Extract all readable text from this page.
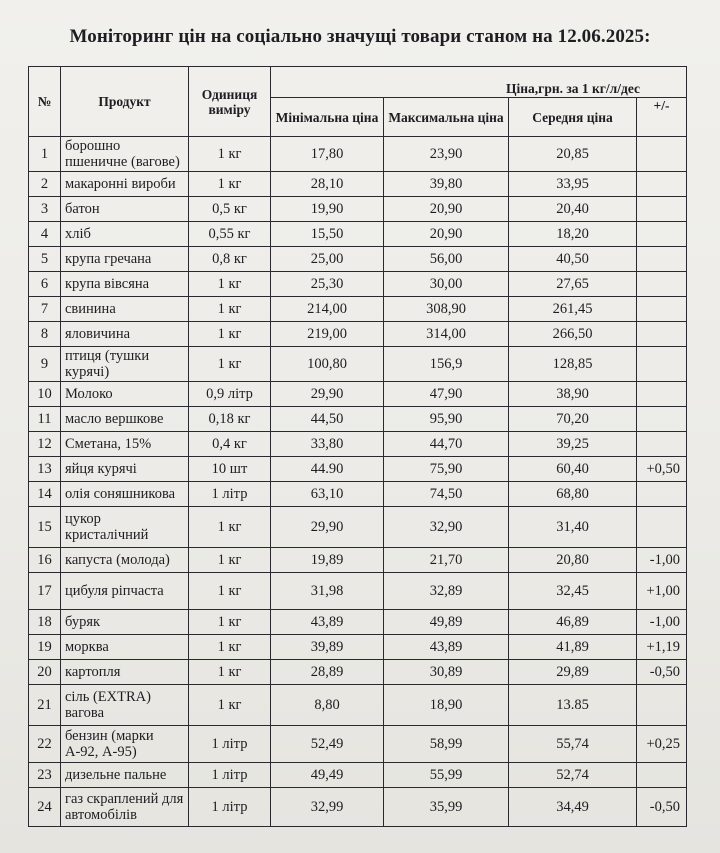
Моніторинг цін на соціально значущі товари станом на 12.06.2025:
№	Продукт	Одиниця виміру				
			Ціна,грн. за 1 кг/л/дес			
			Мінімальна ціна	Максимальна ціна	Середня ціна	+/-
1	борошно пшеничне (вагове)	1 кг	17,80	23,90	20,85	
2	макаронні вироби	1 кг	28,10	39,80	33,95	
3	батон	0,5 кг	19,90	20,90	20,40	
4	хліб	0,55 кг	15,50	20,90	18,20	
5	крупа гречана	0,8 кг	25,00	56,00	40,50	
6	крупа вівсяна	1 кг	25,30	30,00	27,65	
7	свинина	1 кг	214,00	308,90	261,45	
8	яловичина	1 кг	219,00	314,00	266,50	
9	птиця (тушки курячі)	1 кг	100,80	156,9	128,85	
10	Молоко	0,9 літр	29,90	47,90	38,90	
11	масло вершкове	0,18 кг	44,50	95,90	70,20	
12	Сметана, 15%	0,4 кг	33,80	44,70	39,25	
13	яйця курячі	10 шт	44.90	75,90	60,40	+0,50
14	олія соняшникова	1 літр	63,10	74,50	68,80	
15	цукор кристалічний	1 кг	29,90	32,90	31,40	
16	капуста (молода)	1 кг	19,89	21,70	20,80	-1,00
17	цибуля ріпчаста	1 кг	31,98	32,89	32,45	+1,00
18	буряк	1 кг	43,89	49,89	46,89	-1,00
19	морква	1 кг	39,89	43,89	41,89	+1,19
20	картопля	1 кг	28,89	30,89	29,89	-0,50
21	сіль (EXTRA) вагова	1 кг	8,80	18,90	13.85	
22	бензин (марки А-92, А-95)	1 літр	52,49	58,99	55,74	+0,25
23	дизельне пальне	1 літр	49,49	55,99	52,74	
24	газ скраплений для автомобілів	1 літр	32,99	35,99	34,49	-0,50
